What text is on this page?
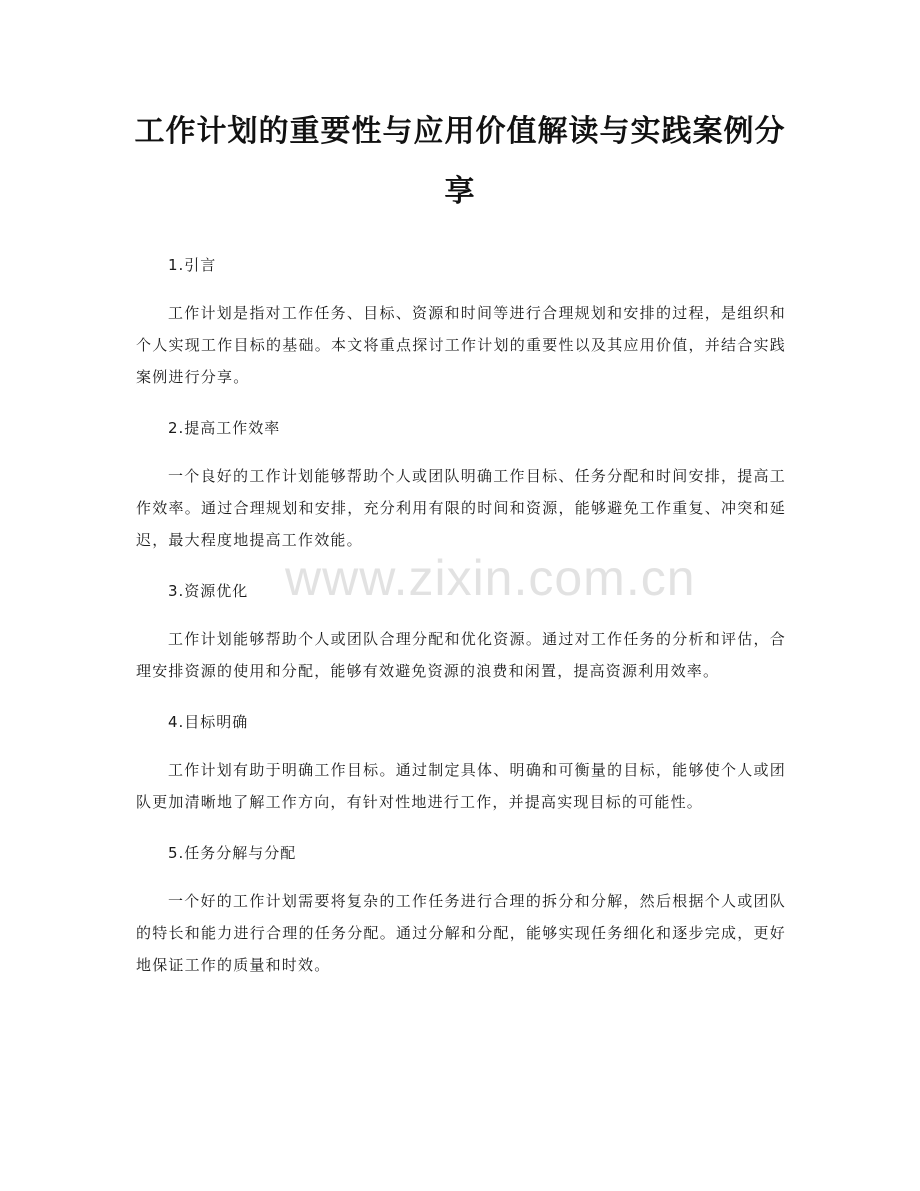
工作计划的重要性与应用价值解读与实践案例分享

1.引言

工作计划是指对工作任务、目标、资源和时间等进行合理规划和安排的过程，是组织和个人实现工作目标的基础。本文将重点探讨工作计划的重要性以及其应用价值，并结合实践案例进行分享。

2.提高工作效率

一个良好的工作计划能够帮助个人或团队明确工作目标、任务分配和时间安排，提高工作效率。通过合理规划和安排，充分利用有限的时间和资源，能够避免工作重复、冲突和延迟，最大程度地提高工作效能。

3.资源优化

工作计划能够帮助个人或团队合理分配和优化资源。通过对工作任务的分析和评估，合理安排资源的使用和分配，能够有效避免资源的浪费和闲置，提高资源利用效率。

4.目标明确

工作计划有助于明确工作目标。通过制定具体、明确和可衡量的目标，能够使个人或团队更加清晰地了解工作方向，有针对性地进行工作，并提高实现目标的可能性。

5.任务分解与分配

一个好的工作计划需要将复杂的工作任务进行合理的拆分和分解，然后根据个人或团队的特长和能力进行合理的任务分配。通过分解和分配，能够实现任务细化和逐步完成，更好地保证工作的质量和时效。

www.zixin.com.cn
